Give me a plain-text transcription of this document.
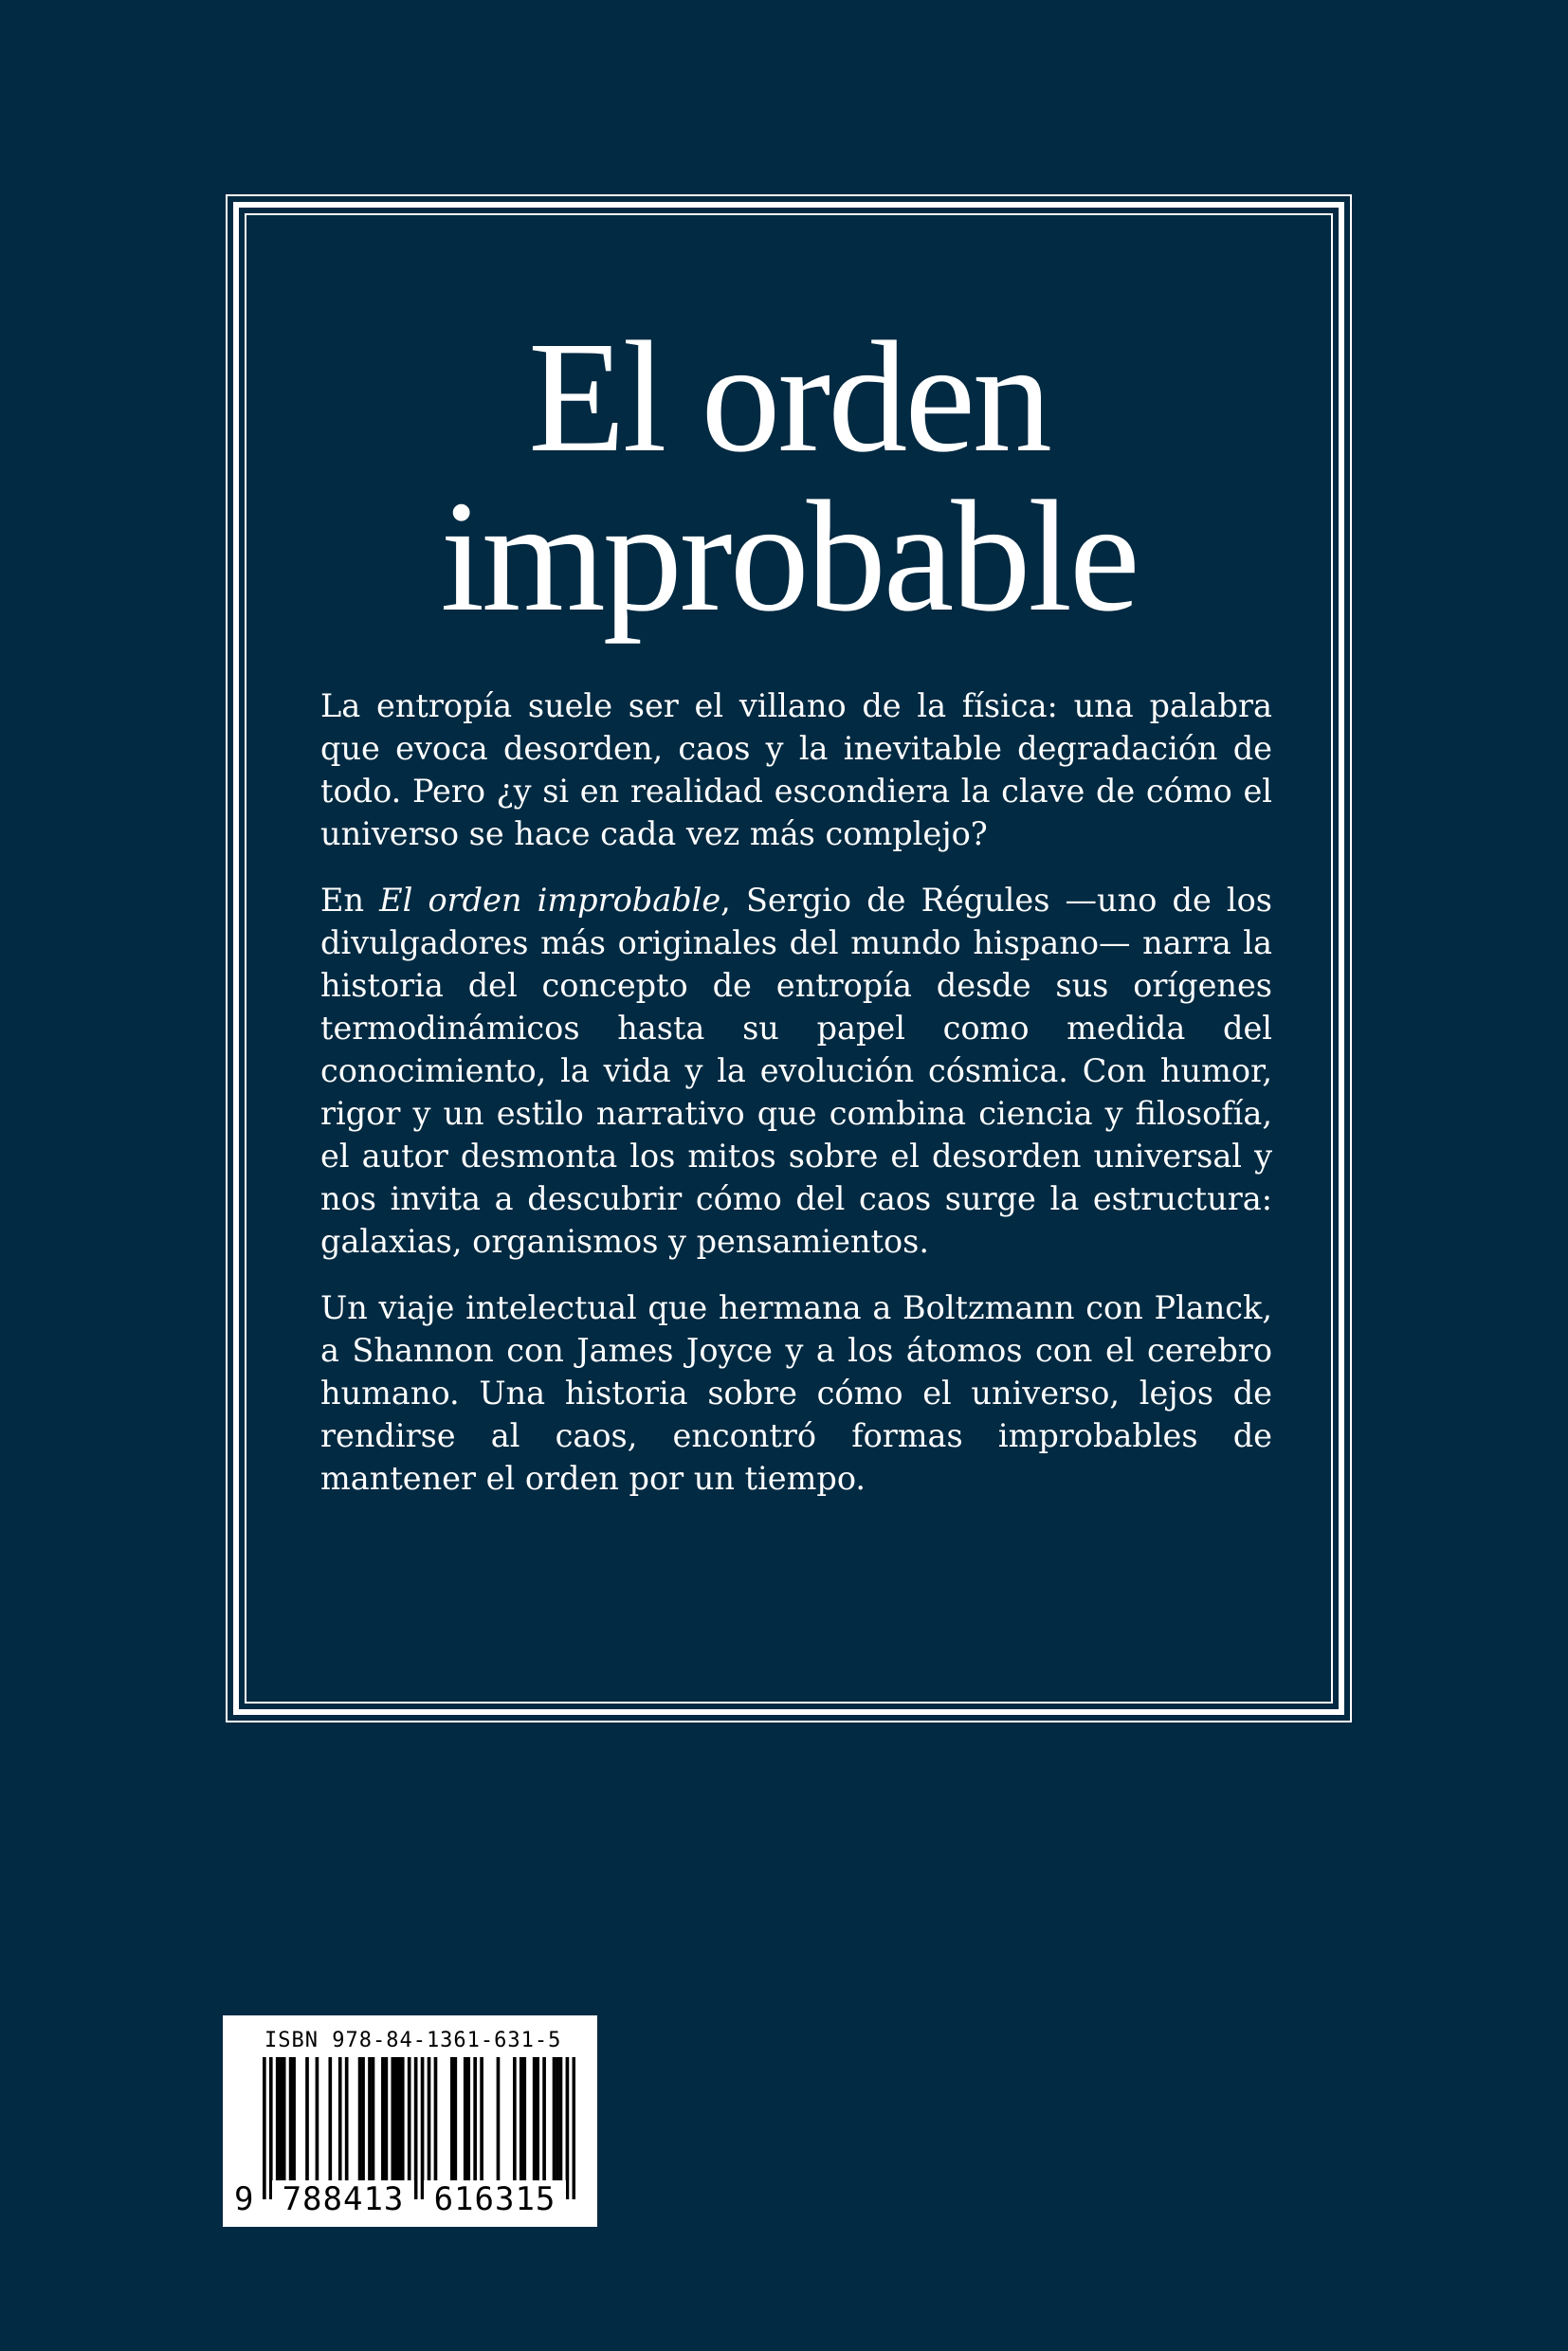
El orden
improbable

La entropía suele ser el villano de la física: una palabra que evoca desorden, caos y la inevitable degradación de todo. Pero ¿y si en realidad escondiera la clave de cómo el universo se hace cada vez más complejo?

En El orden improbable, Sergio de Régules —uno de los divulgadores más originales del mundo hispano— narra la historia del concepto de entropía desde sus orígenes termodinámicos hasta su papel como medida del conocimiento, la vida y la evolución cósmica. Con humor, rigor y un estilo narrativo que combina ciencia y filosofía, el autor desmonta los mitos sobre el desorden universal y nos invita a descubrir cómo del caos surge la estructura: galaxias, organismos y pensamientos.

Un viaje intelectual que hermana a Boltzmann con Planck, a Shannon con James Joyce y a los átomos con el cerebro humano. Una historia sobre cómo el universo, lejos de rendirse al caos, encontró formas improbables de mantener el orden por un tiempo.

ISBN 978-84-1361-631-5
9 788413 616315
